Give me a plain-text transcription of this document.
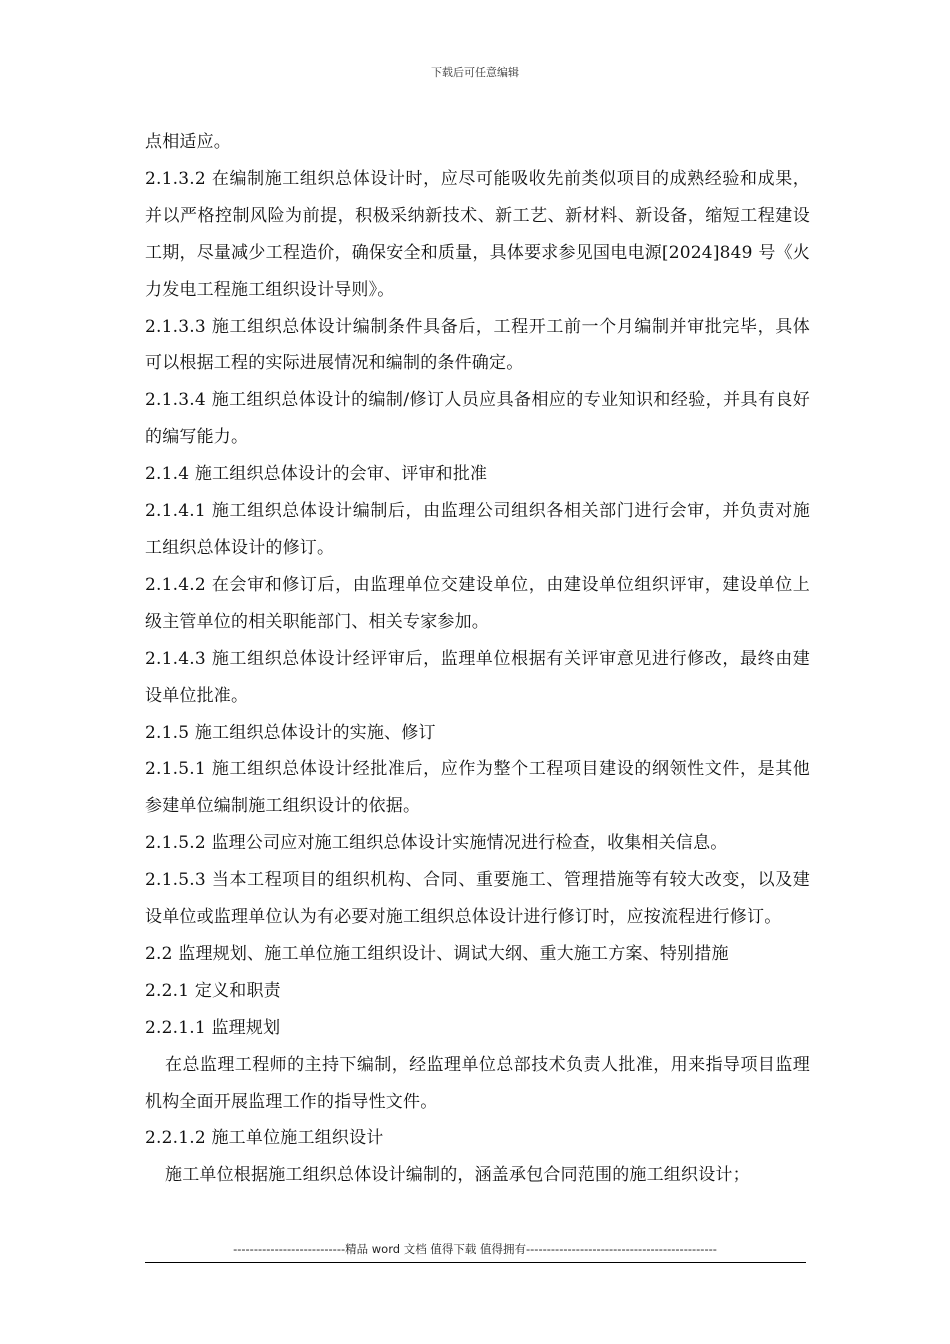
下载后可任意编辑

点相适应。

2.1.3.2 在编制施工组织总体设计时，应尽可能吸收先前类似项目的成熟经验和成果，并以严格控制风险为前提，积极采纳新技术、新工艺、新材料、新设备，缩短工程建设工期，尽量减少工程造价，确保安全和质量，具体要求参见国电电源[2024]849 号《火力发电工程施工组织设计导则》。

2.1.3.3 施工组织总体设计编制条件具备后，工程开工前一个月编制并审批完毕，具体可以根据工程的实际进展情况和编制的条件确定。

2.1.3.4 施工组织总体设计的编制/修订人员应具备相应的专业知识和经验，并具有良好的编写能力。

2.1.4 施工组织总体设计的会审、评审和批准

2.1.4.1 施工组织总体设计编制后，由监理公司组织各相关部门进行会审，并负责对施工组织总体设计的修订。

2.1.4.2 在会审和修订后，由监理单位交建设单位，由建设单位组织评审，建设单位上级主管单位的相关职能部门、相关专家参加。

2.1.4.3 施工组织总体设计经评审后，监理单位根据有关评审意见进行修改，最终由建设单位批准。

2.1.5 施工组织总体设计的实施、修订

2.1.5.1 施工组织总体设计经批准后，应作为整个工程项目建设的纲领性文件，是其他参建单位编制施工组织设计的依据。

2.1.5.2 监理公司应对施工组织总体设计实施情况进行检查，收集相关信息。

2.1.5.3 当本工程项目的组织机构、合同、重要施工、管理措施等有较大改变，以及建设单位或监理单位认为有必要对施工组织总体设计进行修订时，应按流程进行修订。

2.2 监理规划、施工单位施工组织设计、调试大纲、重大施工方案、特别措施

2.2.1 定义和职责

2.2.1.1 监理规划

在总监理工程师的主持下编制，经监理单位总部技术负责人批准，用来指导项目监理机构全面开展监理工作的指导性文件。

2.2.1.2 施工单位施工组织设计

施工单位根据施工组织总体设计编制的，涵盖承包合同范围的施工组织设计；

---------------------------精品 word 文档 值得下载 值得拥有----------------------------------------------
